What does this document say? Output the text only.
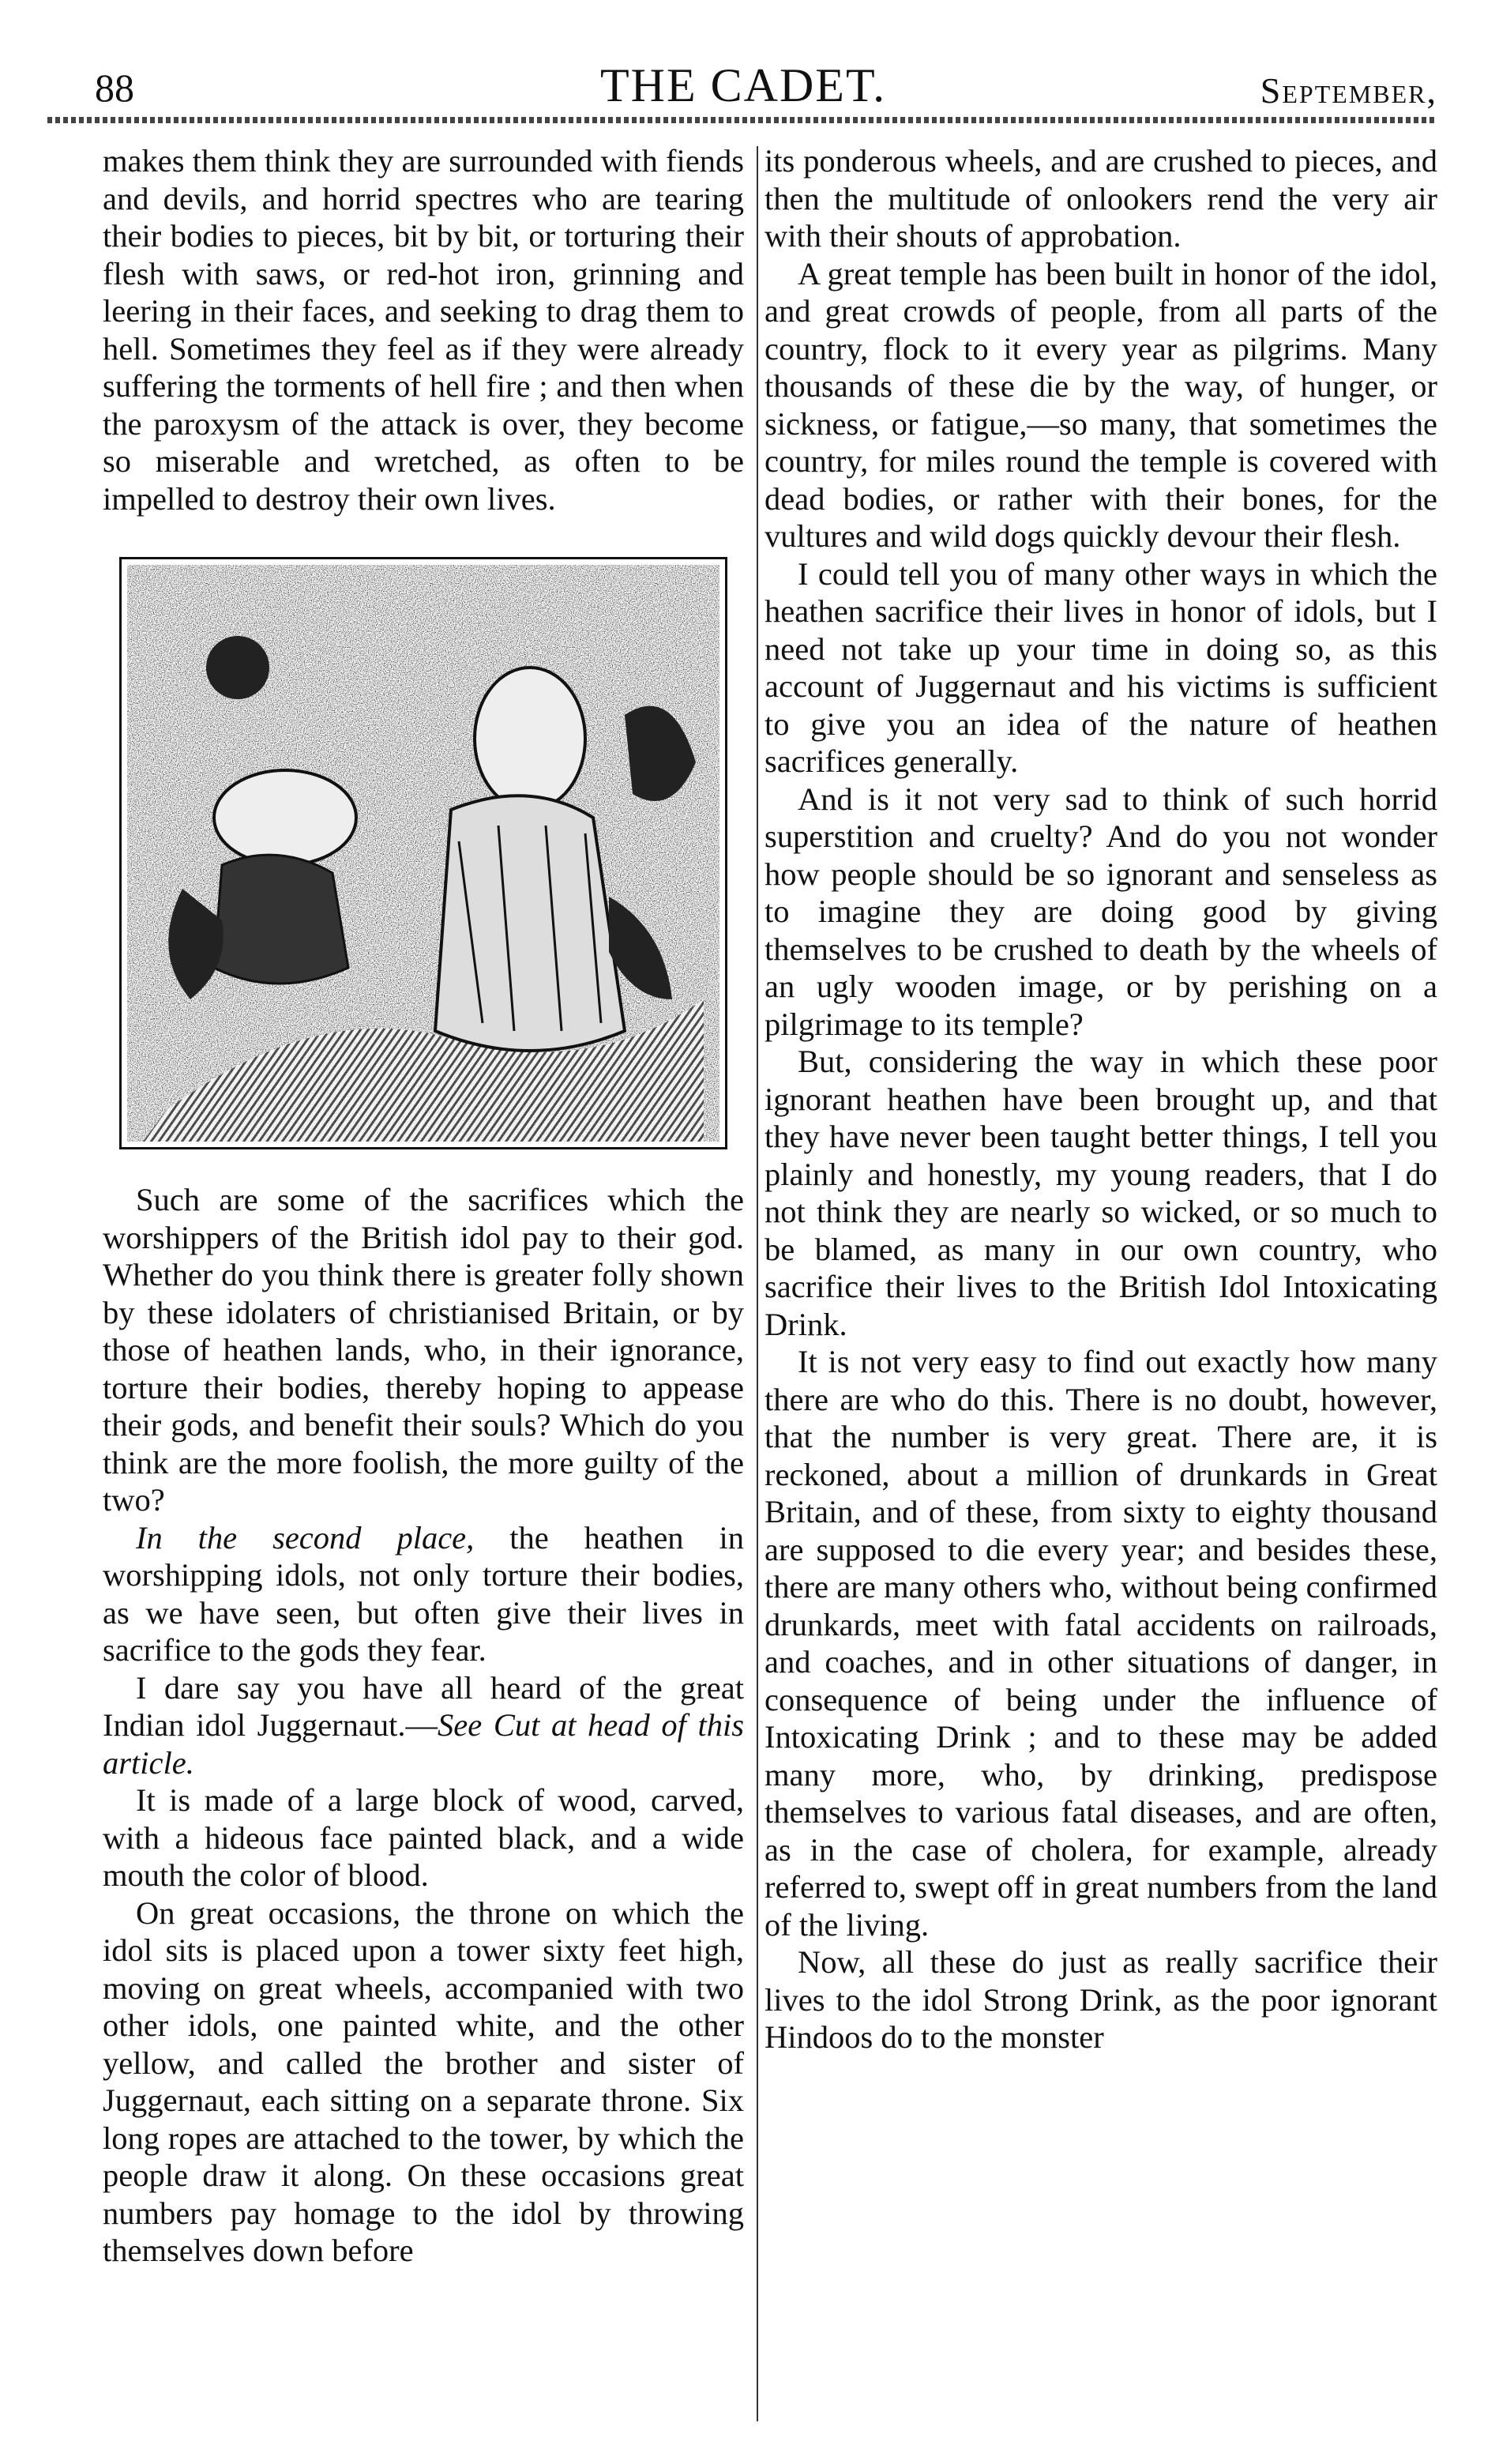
88	THE CADET.	September,

makes them think they are surrounded with fiends and devils, and horrid spectres who are tearing their bodies to pieces, bit by bit, or torturing their flesh with saws, or red-hot iron, grinning and leering in their faces, and seeking to drag them to hell. Sometimes they feel as if they were already suffering the torments of hell fire ; and then when the paroxysm of the attack is over, they become so miserable and wretched, as often to be impelled to destroy their own lives.

Such are some of the sacrifices which the worshippers of the British idol pay to their god. Whether do you think there is greater folly shown by these idolaters of christianised Britain, or by those of heathen lands, who, in their ignorance, torture their bodies, thereby hoping to appease their gods, and benefit their souls? Which do you think are the more foolish, the more guilty of the two?

In the second place, the heathen in worshipping idols, not only torture their bodies, as we have seen, but often give their lives in sacrifice to the gods they fear.

I dare say you have all heard of the great Indian idol Juggernaut.—See Cut at head of this article.

It is made of a large block of wood, carved, with a hideous face painted black, and a wide mouth the color of blood.

On great occasions, the throne on which the idol sits is placed upon a tower sixty feet high, moving on great wheels, accompanied with two other idols, one painted white, and the other yellow, and called the brother and sister of Juggernaut, each sitting on a separate throne. Six long ropes are attached to the tower, by which the people draw it along. On these occasions great numbers pay homage to the idol by throwing themselves down before

its ponderous wheels, and are crushed to pieces, and then the multitude of onlookers rend the very air with their shouts of approbation.

A great temple has been built in honor of the idol, and great crowds of people, from all parts of the country, flock to it every year as pilgrims. Many thousands of these die by the way, of hunger, or sickness, or fatigue,—so many, that sometimes the country, for miles round the temple is covered with dead bodies, or rather with their bones, for the vultures and wild dogs quickly devour their flesh.

I could tell you of many other ways in which the heathen sacrifice their lives in honor of idols, but I need not take up your time in doing so, as this account of Juggernaut and his victims is sufficient to give you an idea of the nature of heathen sacrifices generally.

And is it not very sad to think of such horrid superstition and cruelty? And do you not wonder how people should be so ignorant and senseless as to imagine they are doing good by giving themselves to be crushed to death by the wheels of an ugly wooden image, or by perishing on a pilgrimage to its temple?

But, considering the way in which these poor ignorant heathen have been brought up, and that they have never been taught better things, I tell you plainly and honestly, my young readers, that I do not think they are nearly so wicked, or so much to be blamed, as many in our own country, who sacrifice their lives to the British Idol Intoxicating Drink.

It is not very easy to find out exactly how many there are who do this. There is no doubt, however, that the number is very great. There are, it is reckoned, about a million of drunkards in Great Britain, and of these, from sixty to eighty thousand are supposed to die every year; and besides these, there are many others who, without being confirmed drunkards, meet with fatal accidents on railroads, and coaches, and in other situations of danger, in consequence of being under the influence of Intoxicating Drink ; and to these may be added many more, who, by drinking, predispose themselves to various fatal diseases, and are often, as in the case of cholera, for example, already referred to, swept off in great numbers from the land of the living.

Now, all these do just as really sacrifice their lives to the idol Strong Drink, as the poor ignorant Hindoos do to the monster
